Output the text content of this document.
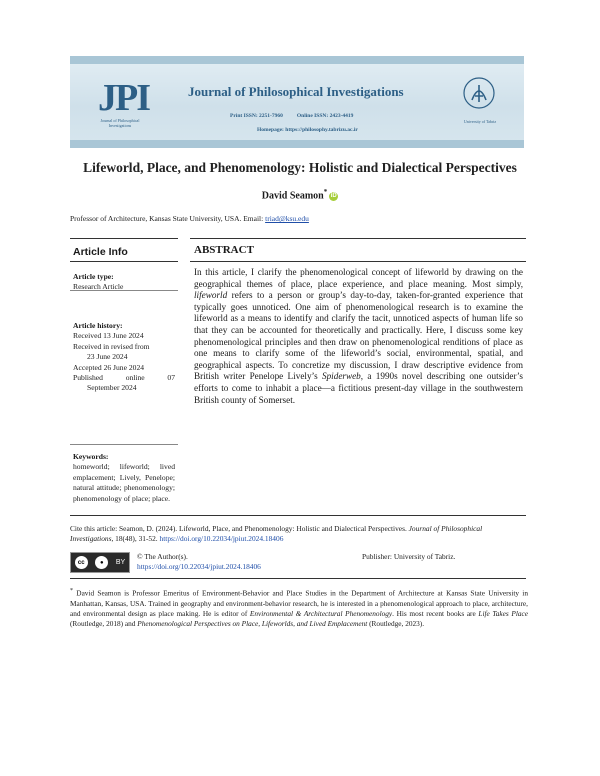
JPI
Journal of Philosophical Investigations
Journal of Philosophical Investigations
Print ISSN: 2251-7960	Online ISSN: 2423-4419
Homepage: https://philosophy.tabrizu.ac.ir
University of Tabriz
Lifeworld, Place, and Phenomenology: Holistic and Dialectical Perspectives
David Seamon* iD
Professor of Architecture, Kansas State University, USA. Email: triad@ksu.edu
Article Info
Article type:
Research Article
Article history:
Received 13 June 2024
Received in revised from
23 June 2024
Accepted 26 June 2024
Published online 07
September 2024
Keywords:
homeworld; lifeworld; lived emplacement; Lively, Penelope; natural attitude; phenomenology; phenomenology of place; place.
ABSTRACT
In this article, I clarify the phenomenological concept of lifeworld by drawing on the geographical themes of place, place experience, and place meaning. Most simply, lifeworld refers to a person or group’s day-to-day, taken-for-granted experience that typically goes unnoticed. One aim of phenomenological research is to examine the lifeworld as a means to identify and clarify the tacit, unnoticed aspects of human life so that they can be accounted for theoretically and practically. Here, I discuss some key phenomenological principles and then draw on phenomenological renditions of place as one means to clarify some of the lifeworld’s social, environmental, spatial, and geographical aspects. To concretize my discussion, I draw descriptive evidence from British writer Penelope Lively’s Spiderweb, a 1990s novel describing one outsider’s efforts to come to inhabit a place—a fictitious present-day village in the southwestern British county of Somerset.
Cite this article: Seamon, D. (2024). Lifeworld, Place, and Phenomenology: Holistic and Dialectical Perspectives. Journal of Philosophical Investigations, 18(48), 31-52. https://doi.org/10.22034/jpiut.2024.18406
cc	●	BY
© The Author(s).
https://doi.org/10.22034/jpiut.2024.18406
Publisher: University of Tabriz.
* David Seamon is Professor Emeritus of Environment-Behavior and Place Studies in the Department of Architecture at Kansas State University in Manhattan, Kansas, USA. Trained in geography and environment-behavior research, he is interested in a phenomenological approach to place, architecture, and environmental design as place making. He is editor of Environmental & Architectural Phenomenology. His most recent books are Life Takes Place (Routledge, 2018) and Phenomenological Perspectives on Place, Lifeworlds, and Lived Emplacement (Routledge, 2023).
